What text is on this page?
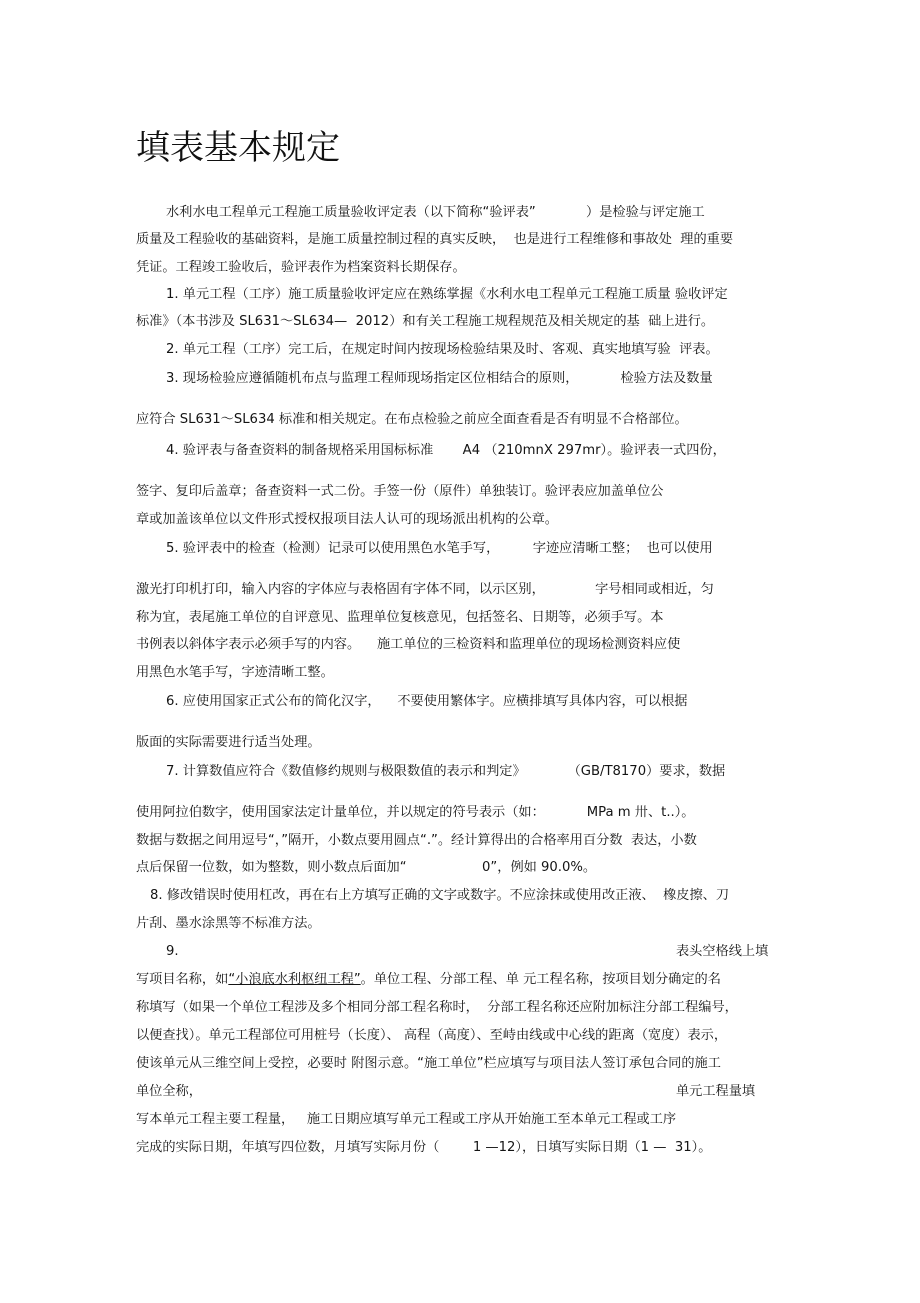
填表基本规定
水利水电工程单元工程施工质量验收评定表（以下简称“验评表”            ）是检验与评定施工
质量及工程验收的基础资料，是施工质量控制过程的真实反映，  也是进行工程维修和事故处  理的重要
凭证。工程竣工验收后，验评表作为档案资料长期保存。
1. 单元工程（工序）施工质量验收评定应在熟练掌握《水利水电工程单元工程施工质量 验收评定
标准》（本书涉及 SL631～SL634—  2012）和有关工程施工规程规范及相关规定的基  础上进行。
2. 单元工程（工序）完工后，在规定时间内按现场检验结果及时、客观、真实地填写验  评表。
3. 现场检验应遵循随机布点与监理工程师现场指定区位相结合的原则，          检验方法及数量
应符合 SL631～SL634 标准和相关规定。在布点检验之前应全面查看是否有明显不合格部位。
4. 验评表与备查资料的制备规格采用国标标准       A4 （210mnX 297mr）。验评表一式四份，
签字、复印后盖章；备查资料一式二份。手签一份（原件）单独装订。验评表应加盖单位公
章或加盖该单位以文件形式授权报项目法人认可的现场派出机构的公章。
5. 验评表中的检查（检测）记录可以使用黑色水笔手写，        字迹应清晰工整；  也可以使用
激光打印机打印，输入内容的字体应与表格固有字体不同，以示区别，            字号相同或相近，匀
称为宜，表尾施工单位的自评意见、监理单位复核意见，包括签名、日期等，必须手写。本
书例表以斜体字表示必须手写的内容。    施工单位的三检资料和监理单位的现场检测资料应使
用黑色水笔手写，字迹清晰工整。
6. 应使用国家正式公布的简化汉字，    不要使用繁体字。应横排填写具体内容，可以根据
版面的实际需要进行适当处理。
7. 计算数值应符合《数值修约规则与极限数值的表示和判定》          （GB/T8170）要求，数据
使用阿拉伯数字，使用国家法定计量单位，并以规定的符号表示（如：          MPa m 卅、t..）。
数据与数据之间用逗号“，”隔开，小数点要用圆点“.”。经计算得出的合格率用百分数  表达，小数
点后保留一位数，如为整数，则小数点后面加“                  0”，例如 90.0%。
8. 修改错误时使用杠改，再在右上方填写正确的文字或数字。不应涂抹或使用改正液、  橡皮擦、刀
片刮、墨水涂黑等不标准方法。
9.	表头空格线上填
写项目名称，如“小浪底水利枢纽工程”。单位工程、分部工程、单 元工程名称，按项目划分确定的名
称填写（如果一个单位工程涉及多个相同分部工程名称时，  分部工程名称还应附加标注分部工程编号，
以便查找）。单元工程部位可用桩号（长度）、 高程（高度）、至峙由线或中心线的距离（宽度）表示，
使该单元从三维空间上受控，必要时 附图示意。“施工单位”栏应填写与项目法人签订承包合同的施工
单位全称，	单元工程量填
写本单元工程主要工程量，   施工日期应填写单元工程或工序从开始施工至本单元工程或工序
完成的实际日期，年填写四位数，月填写实际月份（        1 —12），日填写实际日期（1 —  31）。
